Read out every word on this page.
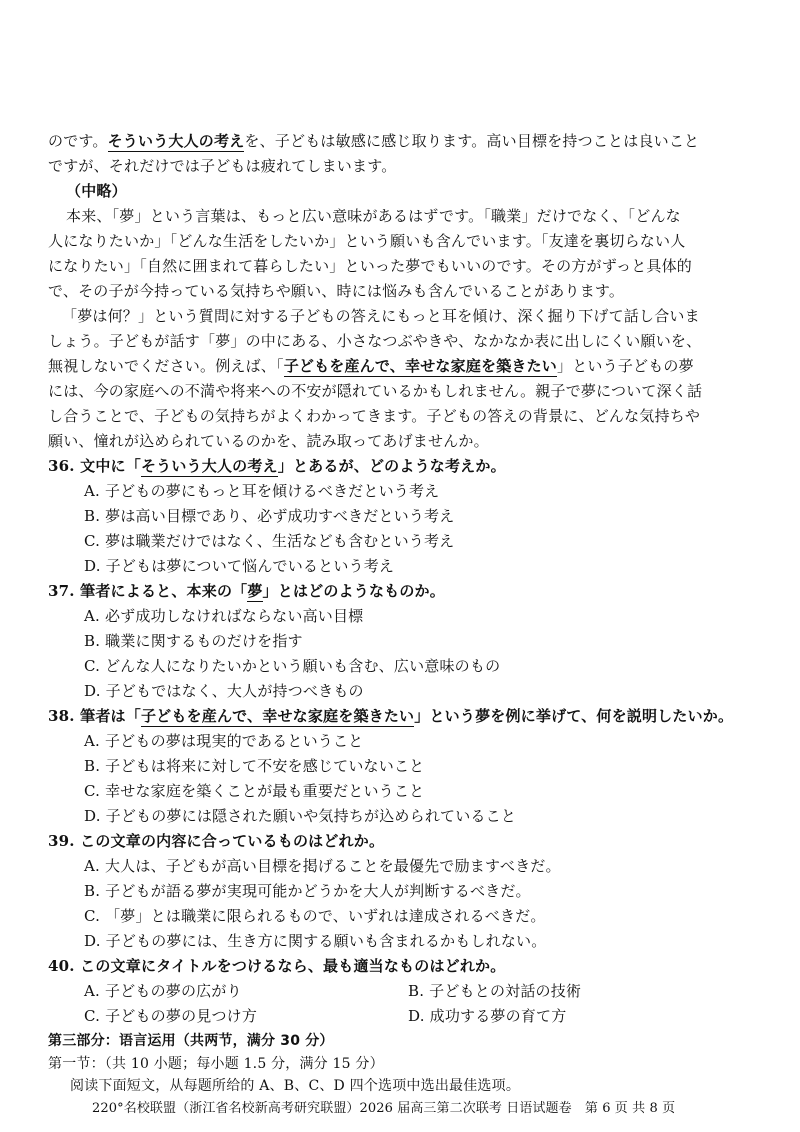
のです。そういう大人の考えを、子どもは敏感に感じ取ります。高い目標を持つことは良いこと
ですが、それだけでは子どもは疲れてしまいます。
（中略）
本来、「夢」という言葉は、もっと広い意味があるはずです。「職業」だけでなく、「どんな
人になりたいか」「どんな生活をしたいか」という願いも含んでいます。「友達を裏切らない人
になりたい」「自然に囲まれて暮らしたい」といった夢でもいいのです。その方がずっと具体的
で、その子が今持っている気持ちや願い、時には悩みも含んでいることがあります。
「夢は何？」という質問に対する子どもの答えにもっと耳を傾け、深く掘り下げて話し合いま
しょう。子どもが話す「夢」の中にある、小さなつぶやきや、なかなか表に出しにくい願いを、
無視しないでください。例えば、「子どもを産んで、幸せな家庭を築きたい」という子どもの夢
には、今の家庭への不満や将来への不安が隠れているかもしれません。親子で夢について深く話
し合うことで、子どもの気持ちがよくわかってきます。子どもの答えの背景に、どんな気持ちや
願い、憧れが込められているのかを、読み取ってあげませんか。
36. 文中に「そういう大人の考え」とあるが、どのような考えか。
A. 子どもの夢にもっと耳を傾けるべきだという考え
B. 夢は高い目標であり、必ず成功すべきだという考え
C. 夢は職業だけではなく、生活なども含むという考え
D. 子どもは夢について悩んでいるという考え
37. 筆者によると、本来の「夢」とはどのようなものか。
A. 必ず成功しなければならない高い目標
B. 職業に関するものだけを指す
C. どんな人になりたいかという願いも含む、広い意味のもの
D. 子どもではなく、大人が持つべきもの
38. 筆者は「子どもを産んで、幸せな家庭を築きたい」という夢を例に挙げて、何を説明したいか。
A. 子どもの夢は現実的であるということ
B. 子どもは将来に対して不安を感じていないこと
C. 幸せな家庭を築くことが最も重要だということ
D. 子どもの夢には隠された願いや気持ちが込められていること
39. この文章の内容に合っているものはどれか。
A. 大人は、子どもが高い目標を掲げることを最優先で励ますべきだ。
B. 子どもが語る夢が実現可能かどうかを大人が判断するべきだ。
C. 「夢」とは職業に限られるもので、いずれは達成されるべきだ。
D. 子どもの夢には、生き方に関する願いも含まれるかもしれない。
40. この文章にタイトルをつけるなら、最も適当なものはどれか。
A. 子どもの夢の広がり	B. 子どもとの対話の技術
C. 子どもの夢の見つけ方	D. 成功する夢の育て方
第三部分：语言运用（共两节，满分 30 分）
第一节：（共 10 小题；每小题 1.5 分，满分 15 分）
220°名校联盟（浙江省名校新高考研究联盟）2026 届高三第二次联考 日语试题卷　第 6 页 共 8 页
阅读下面短文，从每题所给的 A、B、C、D 四个选项中选出最佳选项。
